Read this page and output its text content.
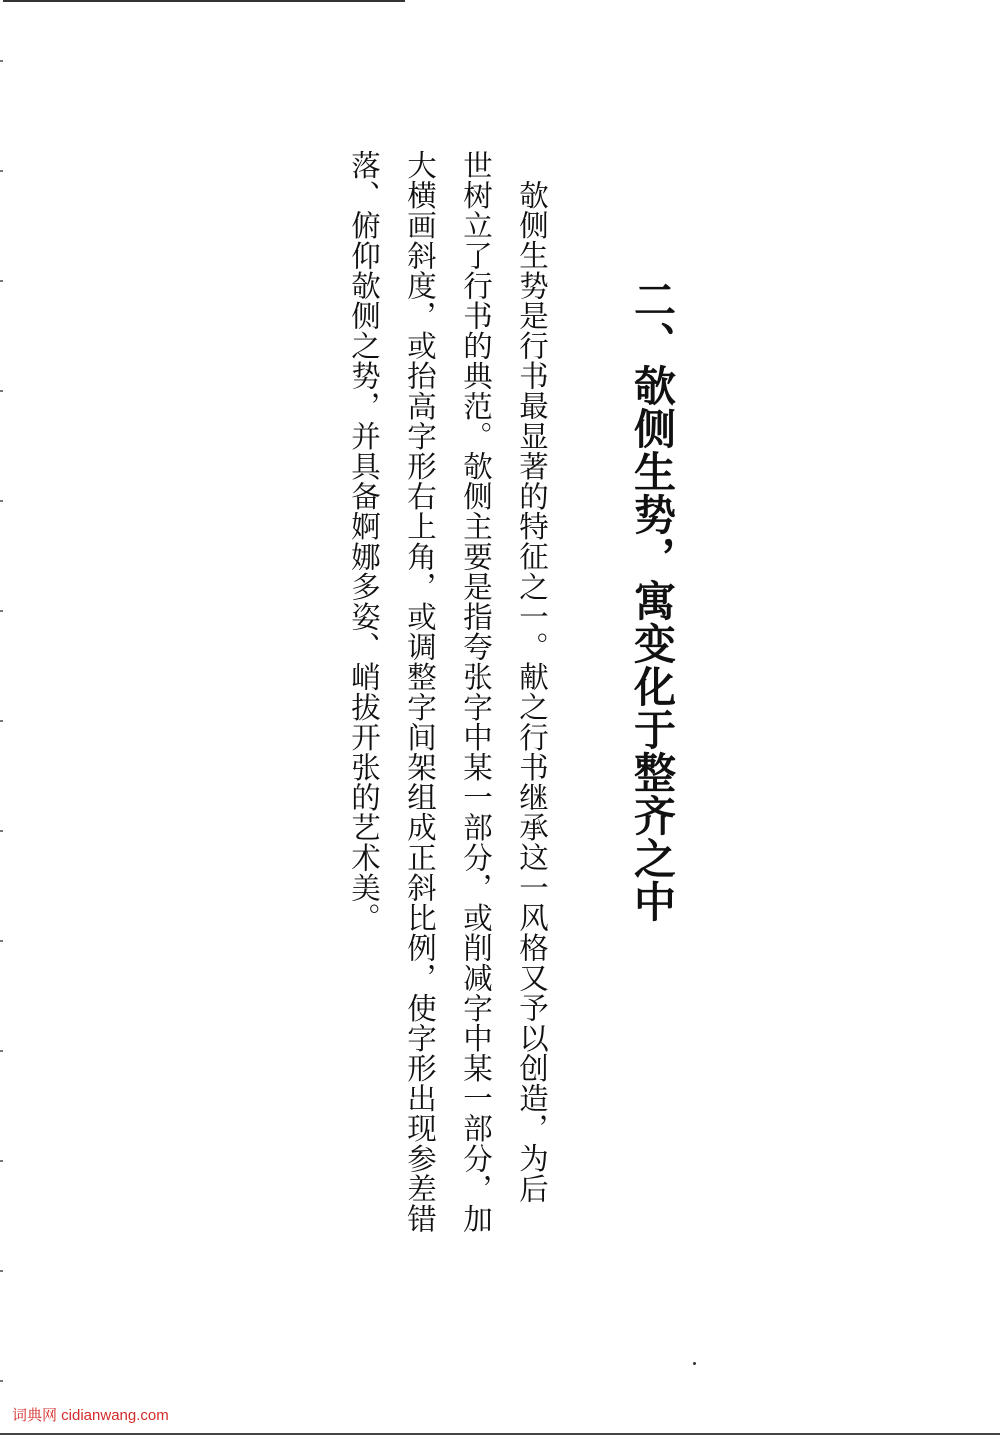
二、欹侧生势，寓变化于整齐之中
欹侧生势是行书最显著的特征之一。献之行书继承这一风格又予以创造，为后
世树立了行书的典范。欹侧主要是指夸张字中某一部分，或削减字中某一部分，加
大横画斜度，或抬高字形右上角，或调整字间架组成正斜比例，使字形出现参差错
落、俯仰欹侧之势，并具备婀娜多姿、峭拔开张的艺术美。
词典网 cidianwang.com
